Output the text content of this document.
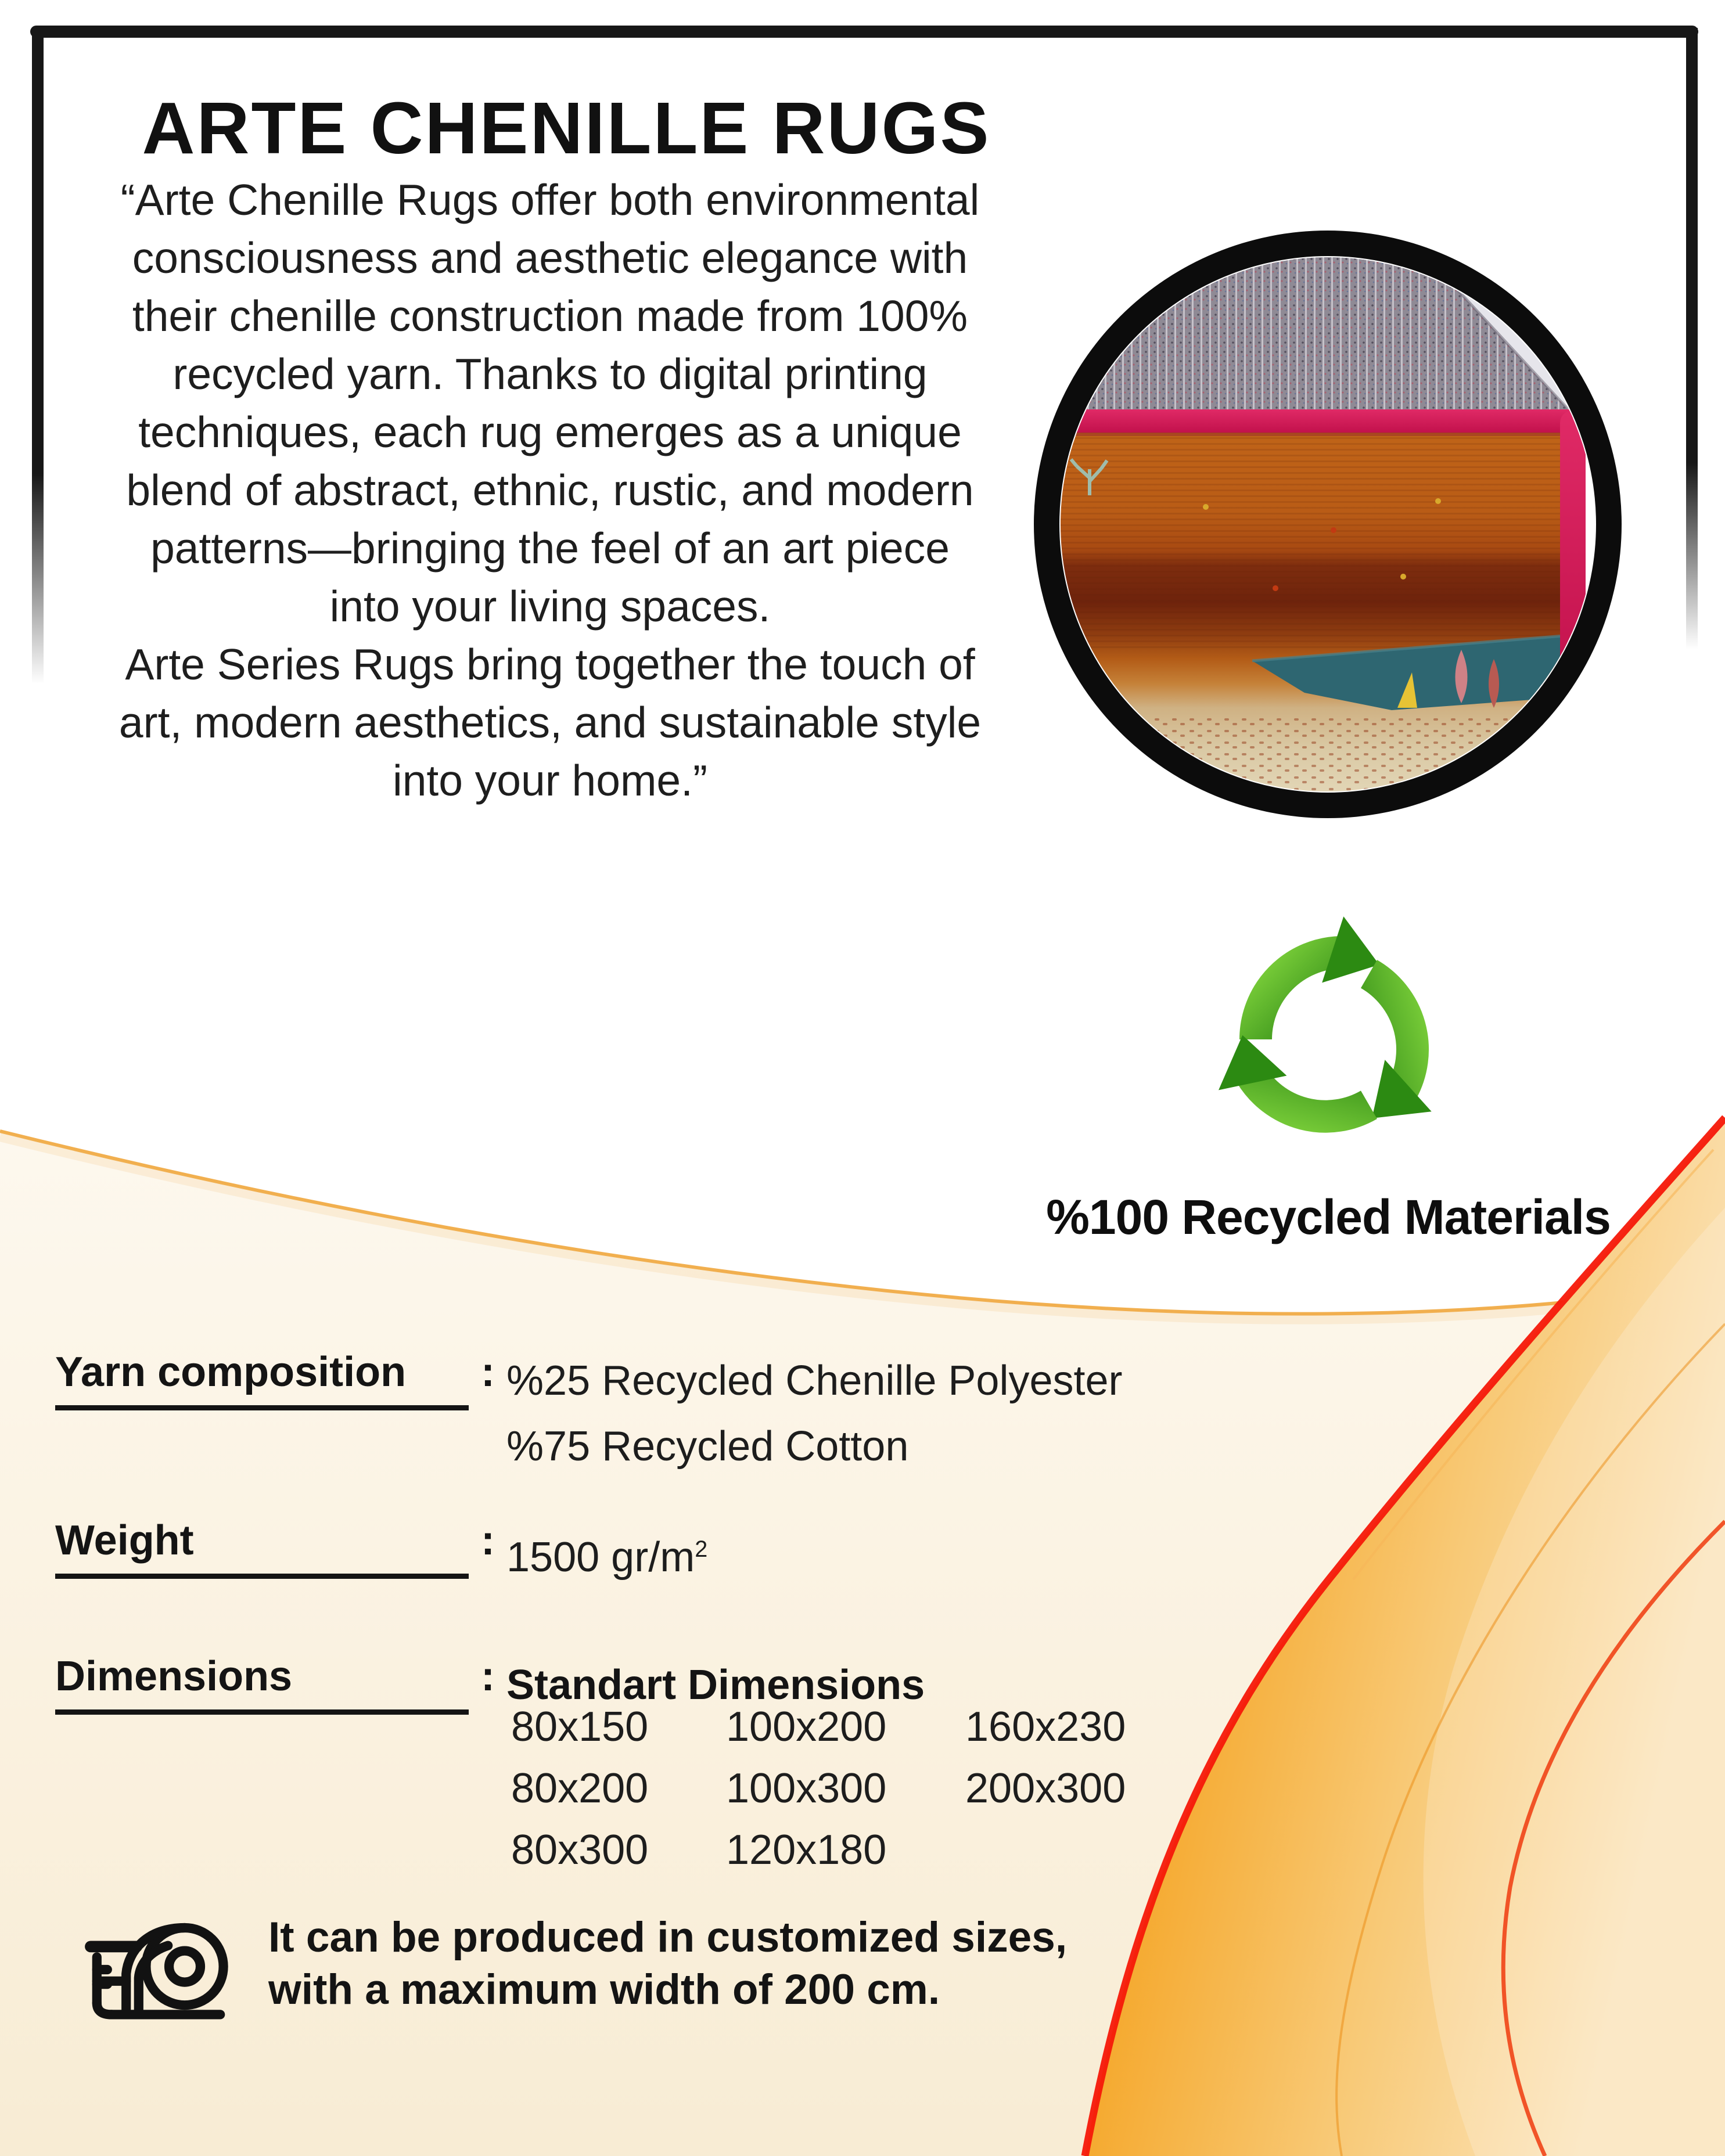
ARTE CHENILLE RUGS
“Arte Chenille Rugs offer both environmental
consciousness and aesthetic elegance with
their chenille construction made from 100%
recycled yarn. Thanks to digital printing
techniques, each rug emerges as a unique
blend of abstract, ethnic, rustic, and modern
patterns—bringing the feel of an art piece
into your living spaces.
Arte Series Rugs bring together the touch of
art, modern aesthetics, and sustainable style
into your home.”
%100 Recycled Materials
Yarn composition	: %25 Recycled Chenille Polyester
%75 Recycled Cotton
Weight	: 1500 $gr/m^2$
Dimensions	: Standart Dimensions
80x150	100x200	160x230
80x200	100x300	200x300
80x300	120x180
It can be produced in customized sizes,
with a maximum width of 200 cm.
